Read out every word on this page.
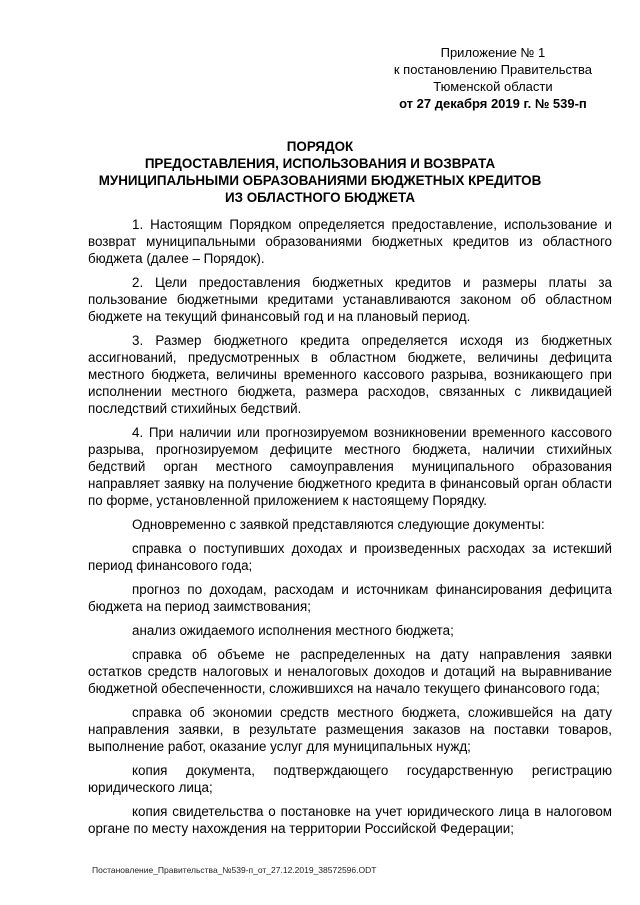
Приложение № 1
к постановлению Правительства
Тюменской области
от 27 декабря 2019 г. № 539-п
ПОРЯДОК
ПРЕДОСТАВЛЕНИЯ, ИСПОЛЬЗОВАНИЯ И ВОЗВРАТА
МУНИЦИПАЛЬНЫМИ ОБРАЗОВАНИЯМИ БЮДЖЕТНЫХ КРЕДИТОВ
ИЗ ОБЛАСТНОГО БЮДЖЕТА

1. Настоящим Порядком определяется предоставление, использование и возврат муниципальными образованиями бюджетных кредитов из областного бюджета (далее – Порядок).

2. Цели предоставления бюджетных кредитов и размеры платы за пользование бюджетными кредитами устанавливаются законом об областном бюджете на текущий финансовый год и на плановый период.

3. Размер бюджетного кредита определяется исходя из бюджетных ассигнований, предусмотренных в областном бюджете, величины дефицита местного бюджета, величины временного кассового разрыва, возникающего при исполнении местного бюджета, размера расходов, связанных с ликвидацией последствий стихийных бедствий.

4. При наличии или прогнозируемом возникновении временного кассового разрыва, прогнозируемом дефиците местного бюджета, наличии стихийных бедствий орган местного самоуправления муниципального образования направляет заявку на получение бюджетного кредита в финансовый орган области по форме, установленной приложением к настоящему Порядку.

Одновременно с заявкой представляются следующие документы:

справка о поступивших доходах и произведенных расходах за истекший период финансового года;

прогноз по доходам, расходам и источникам финансирования дефицита бюджета на период заимствования;

анализ ожидаемого исполнения местного бюджета;

справка об объеме не распределенных на дату направления заявки остатков средств налоговых и неналоговых доходов и дотаций на выравнивание бюджетной обеспеченности, сложившихся на начало текущего финансового года;

справка об экономии средств местного бюджета, сложившейся на дату направления заявки, в результате размещения заказов на поставки товаров, выполнение работ, оказание услуг для муниципальных нужд;

копия документа, подтверждающего государственную регистрацию юридического лица;

копия свидетельства о постановке на учет юридического лица в налоговом органе по месту нахождения на территории Российской Федерации;

Постановление_Правительства_№539-п_от_27.12.2019_38572596.ODT
